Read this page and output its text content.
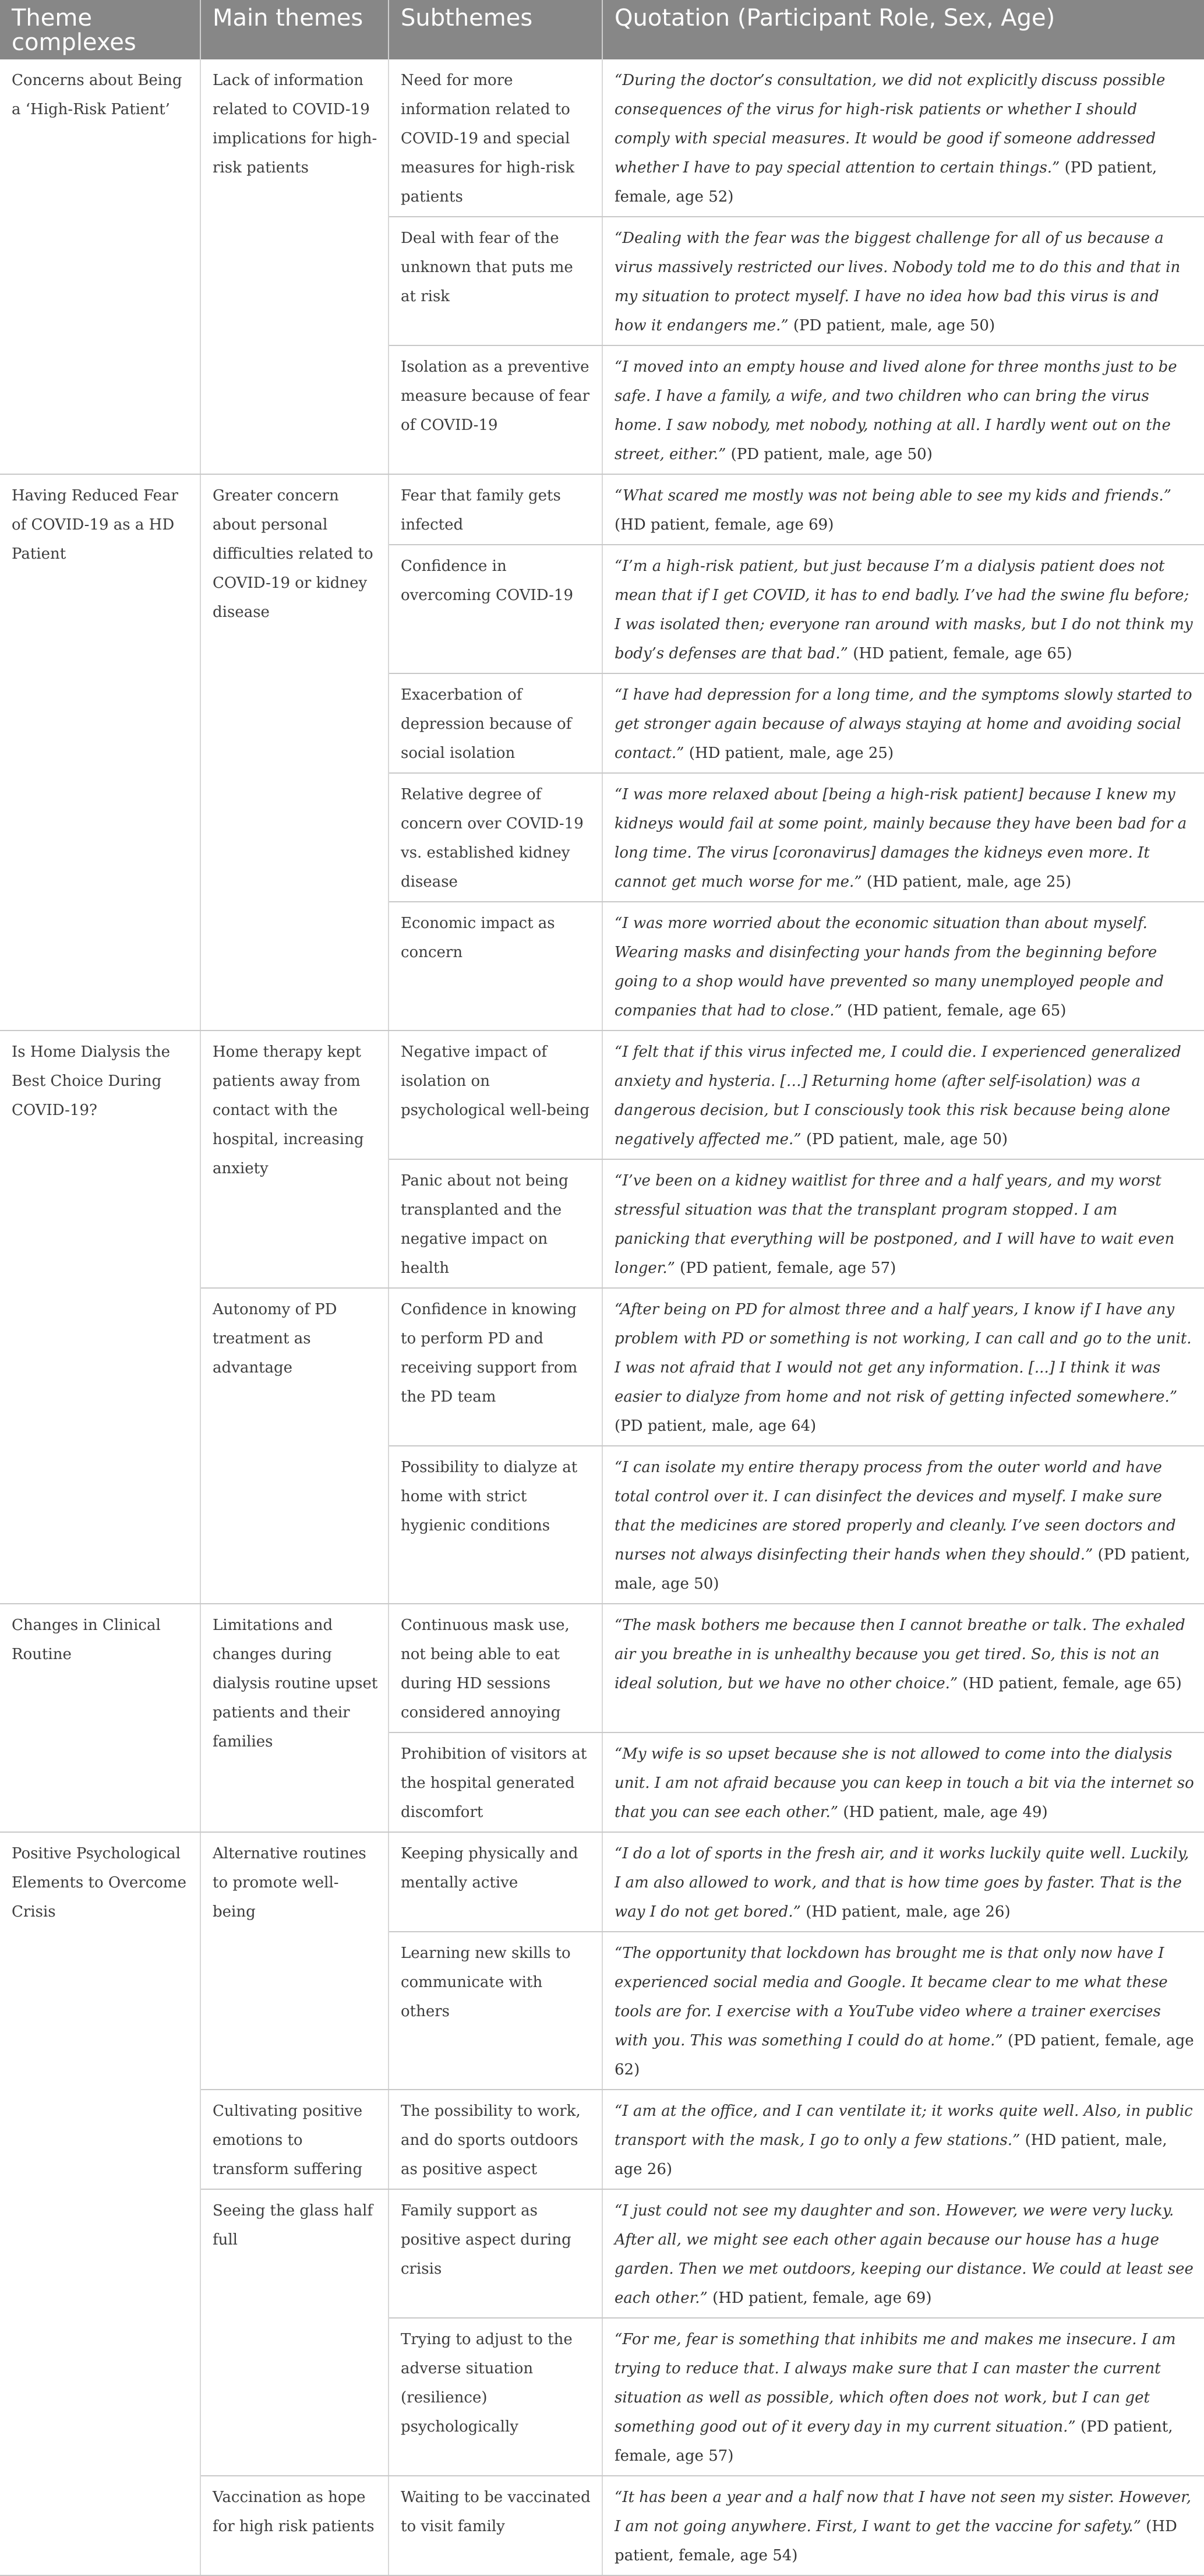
Theme complexes	Main themes	Subthemes	Quotation (Participant Role, Sex, Age)
Concerns about Being a ‘High-Risk Patient’	Lack of information related to COVID-19 implications for high-risk patients	Need for more information related to COVID-19 and special measures for high-risk patients	“During the doctor’s consultation, we did not explicitly discuss possible consequences of the virus for high-risk patients or whether I should comply with special measures. It would be good if someone addressed whether I have to pay special attention to certain things.” (PD patient, female, age 52)
		Deal with fear of the unknown that puts me at risk	“Dealing with the fear was the biggest challenge for all of us because a virus massively restricted our lives. Nobody told me to do this and that in my situation to protect myself. I have no idea how bad this virus is and how it endangers me.” (PD patient, male, age 50)
		Isolation as a preventive measure because of fear of COVID-19	“I moved into an empty house and lived alone for three months just to be safe. I have a family, a wife, and two children who can bring the virus home. I saw nobody, met nobody, nothing at all. I hardly went out on the street, either.” (PD patient, male, age 50)
Having Reduced Fear of COVID-19 as a HD Patient	Greater concern about personal difficulties related to COVID-19 or kidney disease	Fear that family gets infected	“What scared me mostly was not being able to see my kids and friends.” (HD patient, female, age 69)
		Confidence in overcoming COVID-19	“I’m a high-risk patient, but just because I’m a dialysis patient does not mean that if I get COVID, it has to end badly. I’ve had the swine flu before; I was isolated then; everyone ran around with masks, but I do not think my body’s defenses are that bad.” (HD patient, female, age 65)
		Exacerbation of depression because of social isolation	“I have had depression for a long time, and the symptoms slowly started to get stronger again because of always staying at home and avoiding social contact.” (HD patient, male, age 25)
		Relative degree of concern over COVID-19 vs. established kidney disease	“I was more relaxed about [being a high-risk patient] because I knew my kidneys would fail at some point, mainly because they have been bad for a long time. The virus [coronavirus] damages the kidneys even more. It cannot get much worse for me.” (HD patient, male, age 25)
		Economic impact as concern	“I was more worried about the economic situation than about myself. Wearing masks and disinfecting your hands from the beginning before going to a shop would have prevented so many unemployed people and companies that had to close.” (HD patient, female, age 65)
Is Home Dialysis the Best Choice During COVID-19?	Home therapy kept patients away from contact with the hospital, increasing anxiety	Negative impact of isolation on psychological well-being	“I felt that if this virus infected me, I could die. I experienced generalized anxiety and hysteria. […] Returning home (after self-isolation) was a dangerous decision, but I consciously took this risk because being alone negatively affected me.” (PD patient, male, age 50)
		Panic about not being transplanted and the negative impact on health	“I’ve been on a kidney waitlist for three and a half years, and my worst stressful situation was that the transplant program stopped. I am panicking that everything will be postponed, and I will have to wait even longer.” (PD patient, female, age 57)
	Autonomy of PD treatment as advantage	Confidence in knowing to perform PD and receiving support from the PD team	“After being on PD for almost three and a half years, I know if I have any problem with PD or something is not working, I can call and go to the unit. I was not afraid that I would not get any information. [...] I think it was easier to dialyze from home and not risk of getting infected somewhere.” (PD patient, male, age 64)
		Possibility to dialyze at home with strict hygienic conditions	“I can isolate my entire therapy process from the outer world and have total control over it. I can disinfect the devices and myself. I make sure that the medicines are stored properly and cleanly. I’ve seen doctors and nurses not always disinfecting their hands when they should.” (PD patient, male, age 50)
Changes in Clinical Routine	Limitations and changes during dialysis routine upset patients and their families	Continuous mask use, not being able to eat during HD sessions considered annoying	“The mask bothers me because then I cannot breathe or talk. The exhaled air you breathe in is unhealthy because you get tired. So, this is not an ideal solution, but we have no other choice.” (HD patient, female, age 65)
		Prohibition of visitors at the hospital generated discomfort	“My wife is so upset because she is not allowed to come into the dialysis unit. I am not afraid because you can keep in touch a bit via the internet so that you can see each other.” (HD patient, male, age 49)
Positive Psychological Elements to Overcome Crisis	Alternative routines to promote well-being	Keeping physically and mentally active	“I do a lot of sports in the fresh air, and it works luckily quite well. Luckily, I am also allowed to work, and that is how time goes by faster. That is the way I do not get bored.” (HD patient, male, age 26)
		Learning new skills to communicate with others	“The opportunity that lockdown has brought me is that only now have I experienced social media and Google. It became clear to me what these tools are for. I exercise with a YouTube video where a trainer exercises with you. This was something I could do at home.” (PD patient, female, age 62)
	Cultivating positive emotions to transform suffering	The possibility to work, and do sports outdoors as positive aspect	“I am at the office, and I can ventilate it; it works quite well. Also, in public transport with the mask, I go to only a few stations.” (HD patient, male, age 26)
	Seeing the glass half full	Family support as positive aspect during crisis	“I just could not see my daughter and son. However, we were very lucky. After all, we might see each other again because our house has a huge garden. Then we met outdoors, keeping our distance. We could at least see each other.” (HD patient, female, age 69)
		Trying to adjust to the adverse situation (resilience) psychologically	“For me, fear is something that inhibits me and makes me insecure. I am trying to reduce that. I always make sure that I can master the current situation as well as possible, which often does not work, but I can get something good out of it every day in my current situation.” (PD patient, female, age 57)
	Vaccination as hope for high risk patients	Waiting to be vaccinated to visit family	“It has been a year and a half now that I have not seen my sister. However, I am not going anywhere. First, I want to get the vaccine for safety.” (HD patient, female, age 54)
